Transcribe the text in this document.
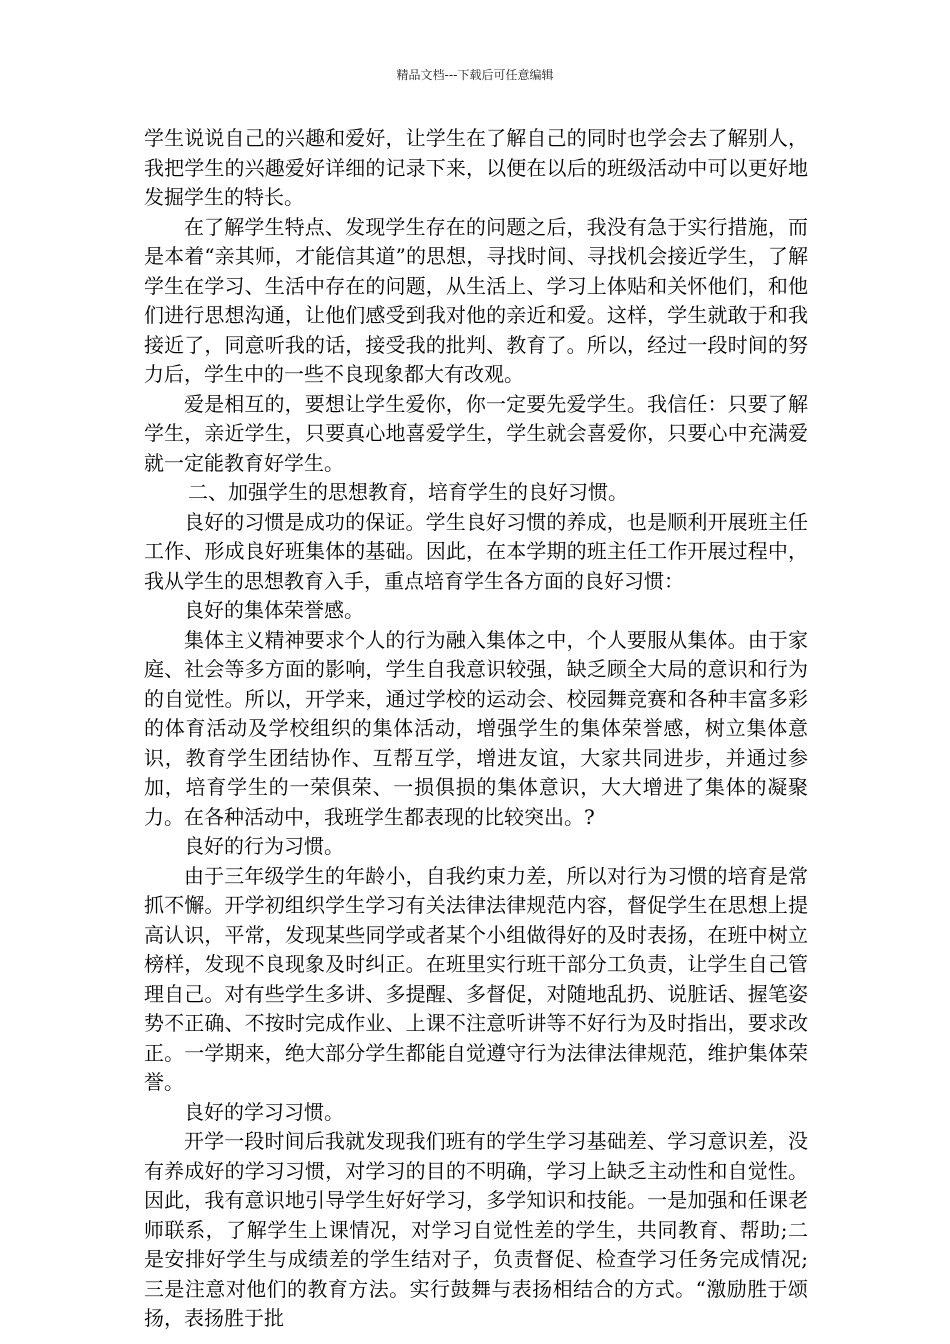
精品文档---下载后可任意编辑

学生说说自己的兴趣和爱好，让学生在了解自己的同时也学会去了解别人，我把学生的兴趣爱好详细的记录下来，以便在以后的班级活动中可以更好地发掘学生的特长。

在了解学生特点、发现学生存在的问题之后，我没有急于实行措施，而是本着“亲其师，才能信其道”的思想，寻找时间、寻找机会接近学生，了解学生在学习、生活中存在的问题，从生活上、学习上体贴和关怀他们，和他们进行思想沟通，让他们感受到我对他的亲近和爱。这样，学生就敢于和我接近了，同意听我的话，接受我的批判、教育了。所以，经过一段时间的努力后，学生中的一些不良现象都大有改观。

爱是相互的，要想让学生爱你，你一定要先爱学生。我信任：只要了解学生，亲近学生，只要真心地喜爱学生，学生就会喜爱你，只要心中充满爱就一定能教育好学生。

二、加强学生的思想教育，培育学生的良好习惯。

良好的习惯是成功的保证。学生良好习惯的养成，也是顺利开展班主任工作、形成良好班集体的基础。因此，在本学期的班主任工作开展过程中，我从学生的思想教育入手，重点培育学生各方面的良好习惯：

良好的集体荣誉感。

集体主义精神要求个人的行为融入集体之中，个人要服从集体。由于家庭、社会等多方面的影响，学生自我意识较强，缺乏顾全大局的意识和行为的自觉性。所以，开学来，通过学校的运动会、校园舞竞赛和各种丰富多彩的体育活动及学校组织的集体活动，增强学生的集体荣誉感，树立集体意识，教育学生团结协作、互帮互学，增进友谊，大家共同进步，并通过参加，培育学生的一荣俱荣、一损俱损的集体意识，大大增进了集体的凝聚力。在各种活动中，我班学生都表现的比较突出。?

良好的行为习惯。

由于三年级学生的年龄小，自我约束力差，所以对行为习惯的培育是常抓不懈。开学初组织学生学习有关法律法律规范内容，督促学生在思想上提高认识，平常，发现某些同学或者某个小组做得好的及时表扬，在班中树立榜样，发现不良现象及时纠正。在班里实行班干部分工负责，让学生自己管理自己。对有些学生多讲、多提醒、多督促，对随地乱扔、说脏话、握笔姿势不正确、不按时完成作业、上课不注意听讲等不好行为及时指出，要求改正。一学期来，绝大部分学生都能自觉遵守行为法律法律规范，维护集体荣誉。

良好的学习习惯。

开学一段时间后我就发现我们班有的学生学习基础差、学习意识差，没有养成好的学习习惯，对学习的目的不明确，学习上缺乏主动性和自觉性。因此，我有意识地引导学生好好学习，多学知识和技能。一是加强和任课老师联系，了解学生上课情况，对学习自觉性差的学生，共同教育、帮助;二是安排好学生与成绩差的学生结对子，负责督促、检查学习任务完成情况;三是注意对他们的教育方法。实行鼓舞与表扬相结合的方式。“激励胜于颂扬，表扬胜于批
